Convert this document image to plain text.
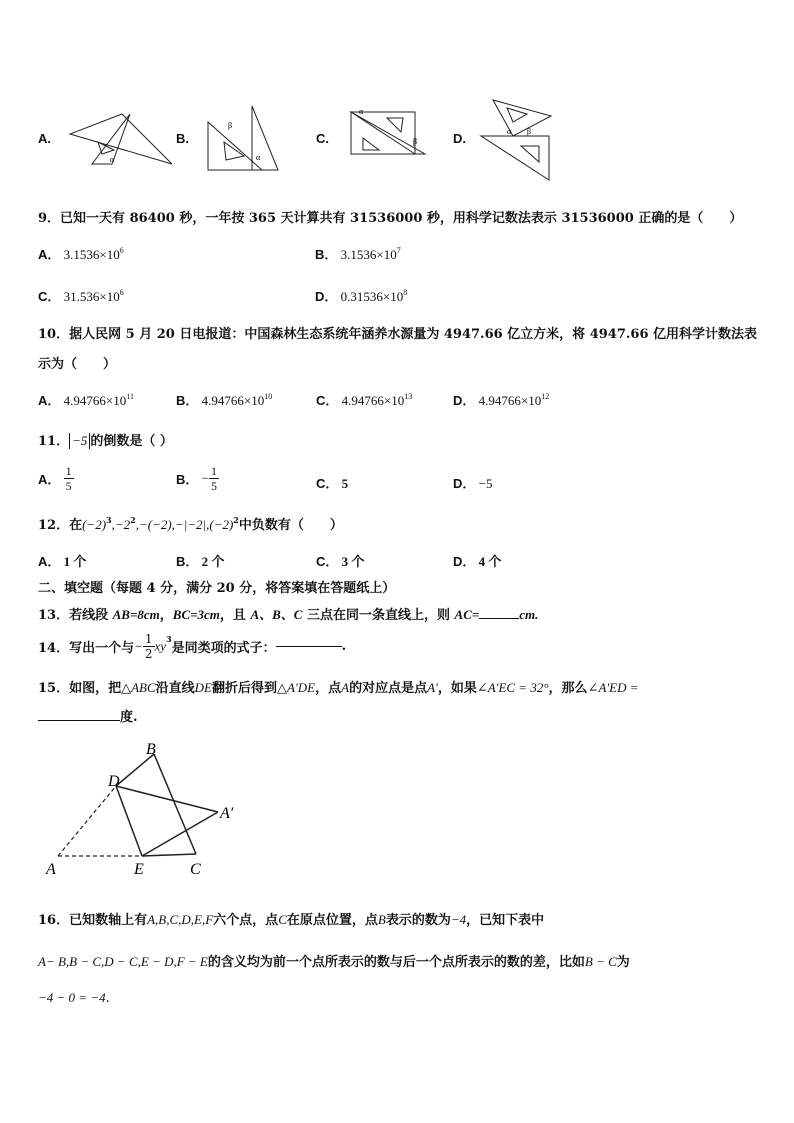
A.
α
B.
β
α
C.
α
β	D.	α β
9．已知一天有 86400 秒，一年按 365 天计算共有 31536000 秒，用科学记数法表示 31536000 正确的是（　　）
A． $3.1536\times 10^6$	B． $3.1536\times 10^7$
C． $31.536\times 10^6$	D． $0.31536\times 10^8$
10．据人民网 5 月 20 日电报道：中国森林生态系统年涵养水源量为 4947.66 亿立方米，将 4947.66 亿用科学计数法表
示为（　　）
A． $4.94766\times 10^{11}$	B． $4.94766\times 10^{10}$	C． $4.94766\times 10^{13}$	D． $4.94766\times 10^{12}$
11． −5 的倒数是（ ）
A． $\frac{1}{5}$	B． − $\frac{1}{5}$	C． 5	D． −5
12．在$(-2)^3,-2^2,-(-2),-|-2|,(-2)^2$中负数有（　　）
A． 1 个	B． 2 个	C． 3 个	D． 4 个
二、填空题（每题 4 分，满分 20 分，将答案填在答题纸上）
13．若线段 AB=8cm，BC=3cm，且 A、B、C 三点在同一条直线上，则 AC=	cm.
14．写出一个与− $\frac{1}{2} xy^3$是同类项的式子：	.
15．如图，把△ABC沿直线DE翻折后得到△A'DE，点A的对应点是点A'，如果∠A'EC = 32°，那么∠A'ED =
度.
B
D
A′
A	E	C
16．已知数轴上有A,B,C,D,E,F六个点，点C在原点位置，点B表示的数为−4，已知下表中
A− B,B − C,D − C,E − D,F − E的含义均为前一个点所表示的数与后一个点所表示的数的差，比如B − C为
−4 − 0 = −4.
